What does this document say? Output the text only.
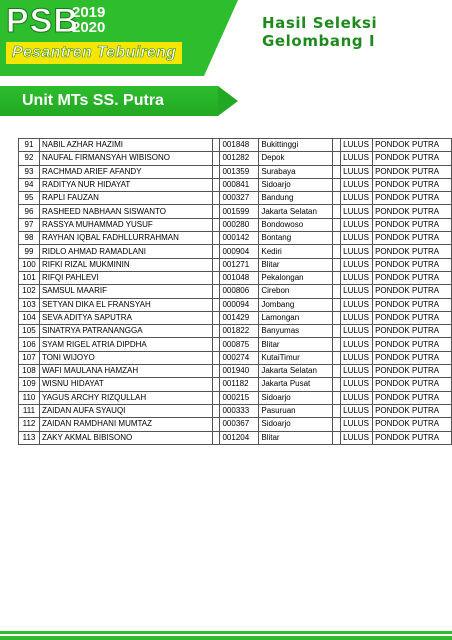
PSB
2019
2020
Pesantren Tebuireng
Hasil Seleksi
Gelombang I
Unit MTs SS. Putra
91	NABIL AZHAR HAZIMI		001848	Bukittinggi		LULUS	PONDOK PUTRA
92	NAUFAL FIRMANSYAH WIBISONO		001282	Depok		LULUS	PONDOK PUTRA
93	RACHMAD ARIEF AFANDY		001359	Surabaya		LULUS	PONDOK PUTRA
94	RADITYA NUR HIDAYAT		000841	Sidoarjo		LULUS	PONDOK PUTRA
95	RAPLI FAUZAN		000327	Bandung		LULUS	PONDOK PUTRA
96	RASHEED NABHAAN SISWANTO		001599	Jakarta Selatan		LULUS	PONDOK PUTRA
97	RASSYA MUHAMMAD YUSUF		000280	Bondowoso		LULUS	PONDOK PUTRA
98	RAYHAN IQBAL FADHLLURRAHMAN		000142	Bontang		LULUS	PONDOK PUTRA
99	RIDLO AHMAD RAMADLANI		000904	Kediri		LULUS	PONDOK PUTRA
100	RIFKI RIZAL MUKMININ		001271	Blitar		LULUS	PONDOK PUTRA
101	RIFQI PAHLEVI		001048	Pekalongan		LULUS	PONDOK PUTRA
102	SAMSUL MAARIF		000806	Cirebon		LULUS	PONDOK PUTRA
103	SETYAN DIKA EL FRANSYAH		000094	Jombang		LULUS	PONDOK PUTRA
104	SEVA ADITYA SAPUTRA		001429	Lamongan		LULUS	PONDOK PUTRA
105	SINATRYA PATRANANGGA		001822	Banyumas		LULUS	PONDOK PUTRA
106	SYAM RIGEL ATRIA DIPDHA		000875	Blitar		LULUS	PONDOK PUTRA
107	TONI WIJOYO		000274	KutaiTimur		LULUS	PONDOK PUTRA
108	WAFI MAULANA HAMZAH		001940	Jakarta Selatan		LULUS	PONDOK PUTRA
109	WISNU HIDAYAT		001182	Jakarta Pusat		LULUS	PONDOK PUTRA
110	YAGUS ARCHY RIZQULLAH		000215	Sidoarjo		LULUS	PONDOK PUTRA
111	ZAIDAN AUFA SYAUQI		000333	Pasuruan		LULUS	PONDOK PUTRA
112	ZAIDAN RAMDHANI MUMTAZ		000367	Sidoarjo		LULUS	PONDOK PUTRA
113	ZAKY AKMAL BIBISONO		001204	Blitar		LULUS	PONDOK PUTRA
